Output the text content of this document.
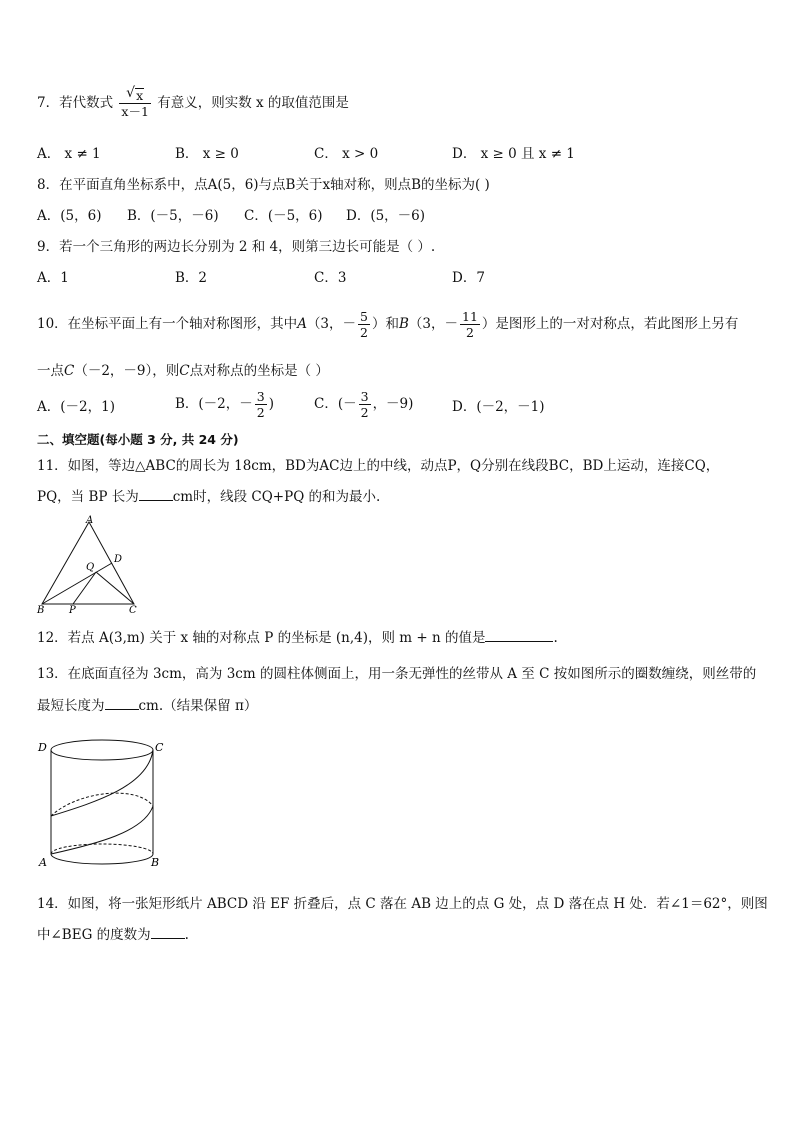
7．若代数式 $\frac{√ x}{x-1}$ 有意义，则实数 x 的取值范围是
A． x ≠ 1	B． x ≥ 0	C． x > 0	D． x ≥ 0 且 x ≠ 1
8．在平面直角坐标系中，点A(5，6)与点B关于x轴对称，则点B的坐标为( )
A．(5，6) B．(－5，－6) C．(－5，6) D．(5，－6)
9．若一个三角形的两边长分别为 2 和 4，则第三边长可能是（ ）.
A．1	B．2	C．3	D．7
10．在坐标平面上有一个轴对称图形，其中A（3，－ $\frac{5}{2}$ ）和B（3，－ $\frac{11}{2}$ ）是图形上的一对对称点，若此图形上另有
一点C（－2，－9），则C点对称点的坐标是（ ）
A．(－2，1)	B．(－2，－ $\frac{3}{2}$ )	C．(－ $\frac{3}{2}$ ，－9)	D．(－2，－1)
二、填空题(每小题 3 分, 共 24 分)
11．如图，等边△ABC的周长为 18cm，BD为AC边上的中线，动点P，Q分别在线段BC，BD上运动，连接CQ，
PQ，当 BP 长为	cm时，线段 CQ+PQ 的和为最小.
A
D
Q
B P	C
12．若点 A(3,m) 关于 x 轴的对称点 P 的坐标是 (n,4)，则 m + n 的值是	.
13．在底面直径为 3cm，高为 3cm 的圆柱体侧面上，用一条无弹性的丝带从 A 至 C 按如图所示的圈数缠绕，则丝带的
最短长度为	cm.（结果保留 π）
D	C
A	B
14．如图，将一张矩形纸片 ABCD 沿 EF 折叠后，点 C 落在 AB 边上的点 G 处，点 D 落在点 H 处．若∠1＝62°，则图
中∠BEG 的度数为	.
